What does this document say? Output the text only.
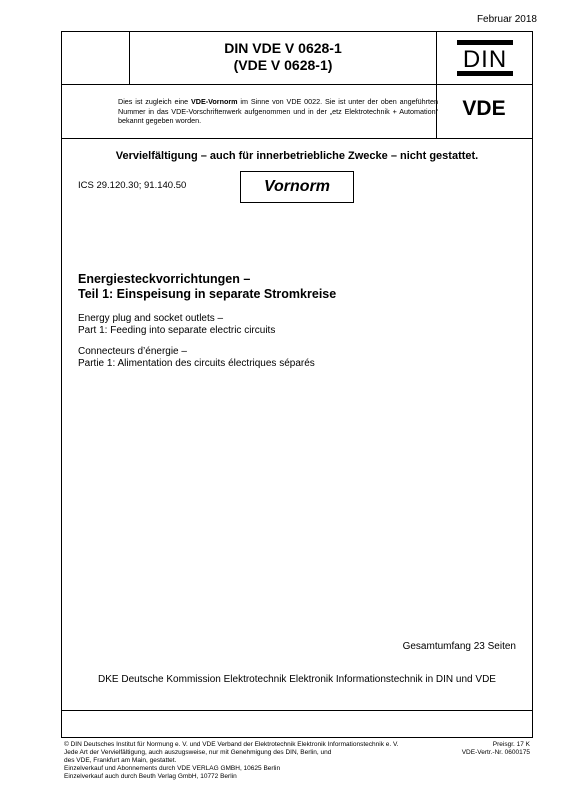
Februar 2018
DIN VDE V 0628-1
(VDE V 0628-1)	DIN
VDE
Dies ist zugleich eine VDE-Vornorm im Sinne von VDE 0022. Sie ist unter der oben angeführten Nummer in das VDE-Vorschriftenwerk aufgenommen und in der „etz Elektrotechnik + Automation“ bekannt gegeben worden.
Vervielfältigung – auch für innerbetriebliche Zwecke – nicht gestattet.
ICS 29.120.30; 91.140.50	Vornorm
Energiesteckvorrichtungen –
Teil 1: Einspeisung in separate Stromkreise
Energy plug and socket outlets –
Part 1: Feeding into separate electric circuits
Connecteurs d’énergie –
Partie 1: Alimentation des circuits électriques séparés
Gesamtumfang 23 Seiten
DKE Deutsche Kommission Elektrotechnik Elektronik Informationstechnik in DIN und VDE
© DIN Deutsches Institut für Normung e. V. und VDE Verband der Elektrotechnik Elektronik Informationstechnik e. V.
Jede Art der Vervielfältigung, auch auszugsweise, nur mit Genehmigung des DIN, Berlin, und
des VDE, Frankfurt am Main, gestattet.
Einzelverkauf und Abonnements durch VDE VERLAG GMBH, 10625 Berlin
Einzelverkauf auch durch Beuth Verlag GmbH, 10772 Berlin
Preisgr. 17 K
VDE-Vertr.-Nr. 0600175
